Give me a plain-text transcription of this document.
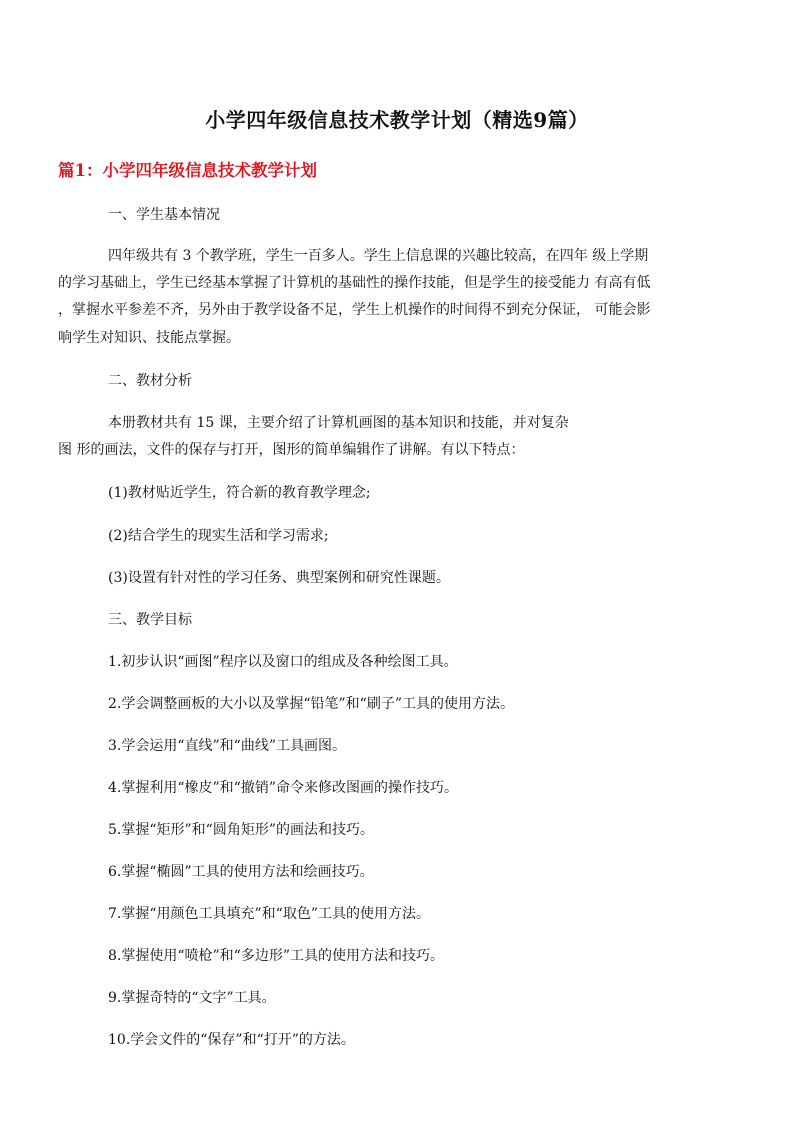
小学四年级信息技术教学计划（精选9篇）
篇1：小学四年级信息技术教学计划
一、学生基本情况
四年级共有 3 个教学班，学生一百多人。学生上信息课的兴趣比较高，在四年 级上学期
的学习基础上，学生已经基本掌握了计算机的基础性的操作技能，但是学生的接受能力 有高有低
，掌握水平参差不齐，另外由于教学设备不足，学生上机操作的时间得不到充分保证， 可能会影
响学生对知识、技能点掌握。
二、教材分析
本册教材共有 15 课，主要介绍了计算机画图的基本知识和技能，并对复杂
图 形的画法，文件的保存与打开，图形的简单编辑作了讲解。有以下特点：
(1)教材贴近学生，符合新的教育教学理念;
(2)结合学生的现实生活和学习需求;
(3)设置有针对性的学习任务、典型案例和研究性课题。
三、教学目标
1.初步认识“画图”程序以及窗口的组成及各种绘图工具。
2.学会调整画板的大小以及掌握“铅笔”和“刷子”工具的使用方法。
3.学会运用“直线”和“曲线”工具画图。
4.掌握利用“橡皮”和“撤销”命令来修改图画的操作技巧。
5.掌握“矩形”和“圆角矩形”的画法和技巧。
6.掌握“椭圆”工具的使用方法和绘画技巧。
7.掌握“用颜色工具填充”和“取色”工具的使用方法。
8.掌握使用“喷枪”和“多边形”工具的使用方法和技巧。
9.掌握奇特的“文字”工具。
10.学会文件的“保存”和“打开”的方法。
